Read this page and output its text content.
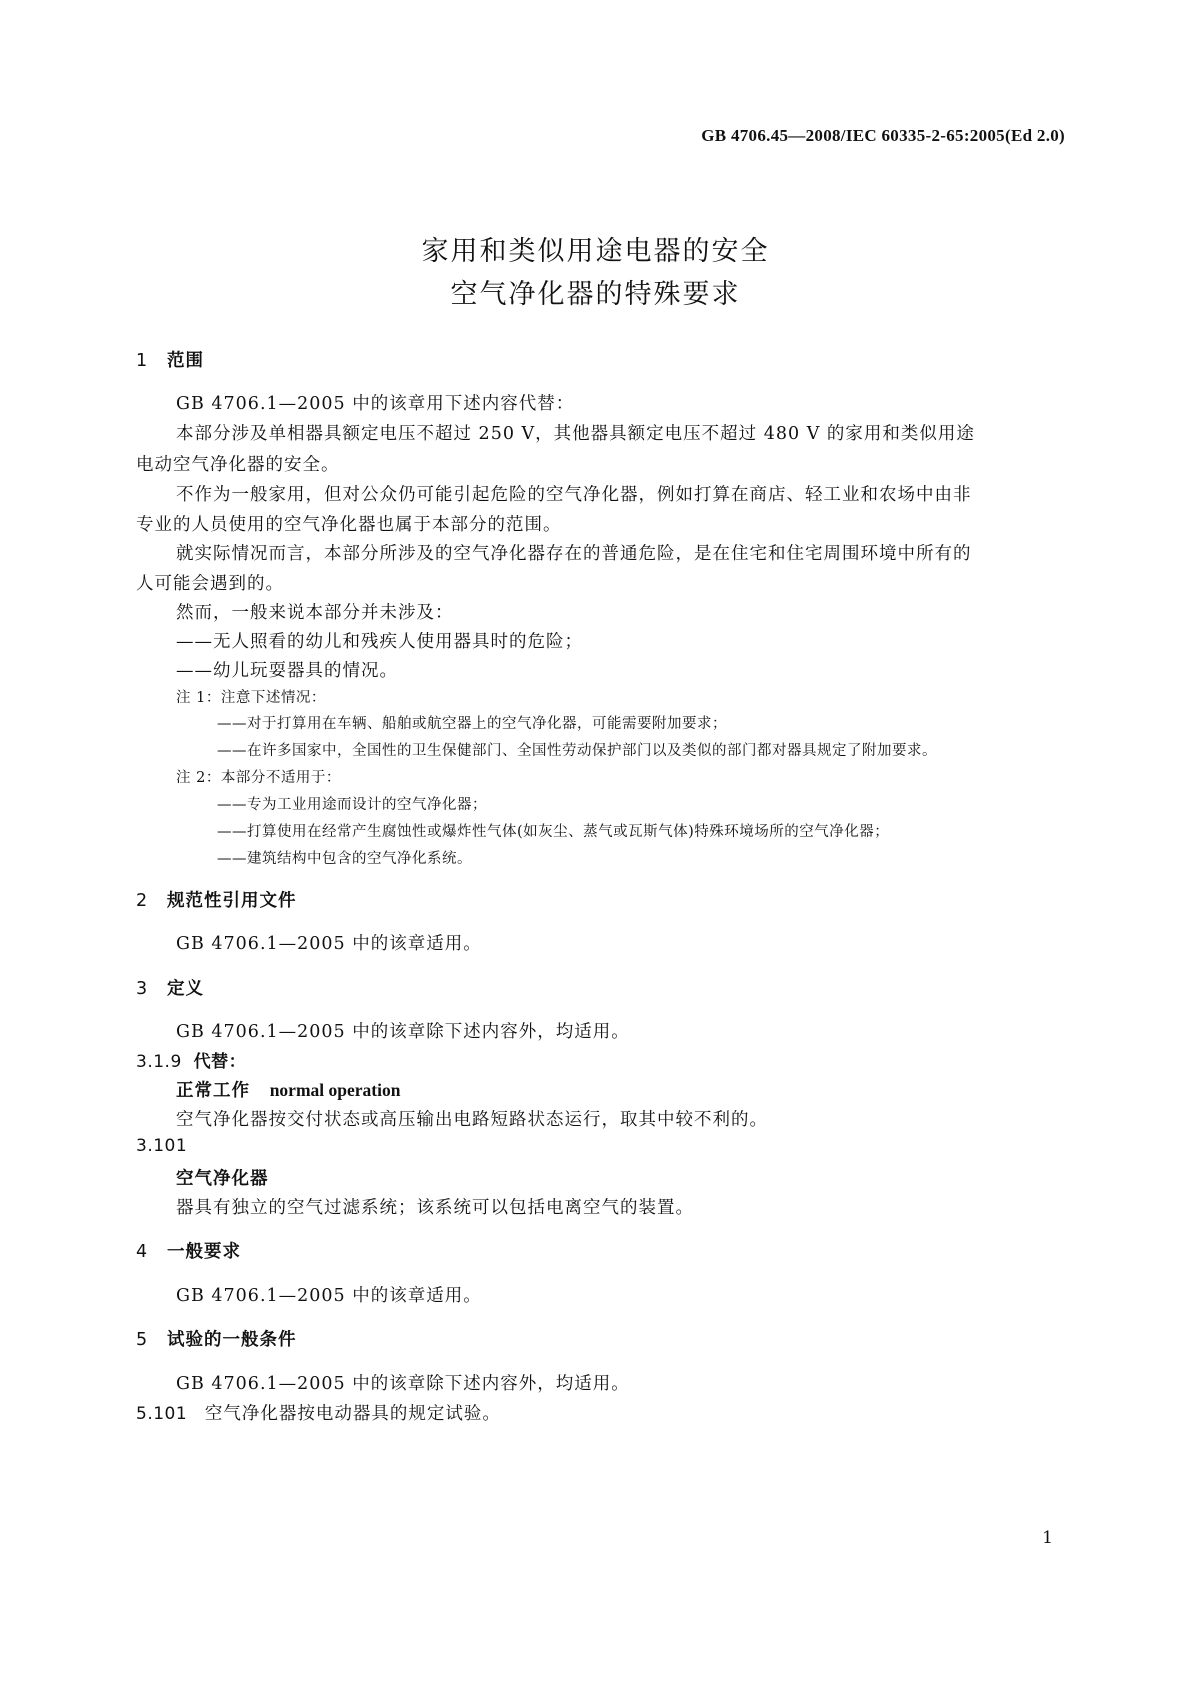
GB 4706.45—2008/IEC 60335-2-65:2005(Ed 2.0)
家用和类似用途电器的安全
空气净化器的特殊要求
1 范围
GB 4706.1—2005 中的该章用下述内容代替：
本部分涉及单相器具额定电压不超过 250 V，其他器具额定电压不超过 480 V 的家用和类似用途
电动空气净化器的安全。
不作为一般家用，但对公众仍可能引起危险的空气净化器，例如打算在商店、轻工业和农场中由非
专业的人员使用的空气净化器也属于本部分的范围。
就实际情况而言，本部分所涉及的空气净化器存在的普通危险，是在住宅和住宅周围环境中所有的
人可能会遇到的。
然而，一般来说本部分并未涉及：
——无人照看的幼儿和残疾人使用器具时的危险；
——幼儿玩耍器具的情况。
注 1：注意下述情况：
——对于打算用在车辆、船舶或航空器上的空气净化器，可能需要附加要求；
——在许多国家中，全国性的卫生保健部门、全国性劳动保护部门以及类似的部门都对器具规定了附加要求。
注 2：本部分不适用于：
——专为工业用途而设计的空气净化器；
——打算使用在经常产生腐蚀性或爆炸性气体(如灰尘、蒸气或瓦斯气体)特殊环境场所的空气净化器；
——建筑结构中包含的空气净化系统。
2 规范性引用文件
GB 4706.1—2005 中的该章适用。
3 定义
GB 4706.1—2005 中的该章除下述内容外，均适用。
3.1.9 代替：
正常工作 normal operation
空气净化器按交付状态或高压输出电路短路状态运行，取其中较不利的。
3.101
空气净化器
器具有独立的空气过滤系统；该系统可以包括电离空气的装置。
4 一般要求
GB 4706.1—2005 中的该章适用。
5 试验的一般条件
GB 4706.1—2005 中的该章除下述内容外，均适用。
5.101 空气净化器按电动器具的规定试验。
1
